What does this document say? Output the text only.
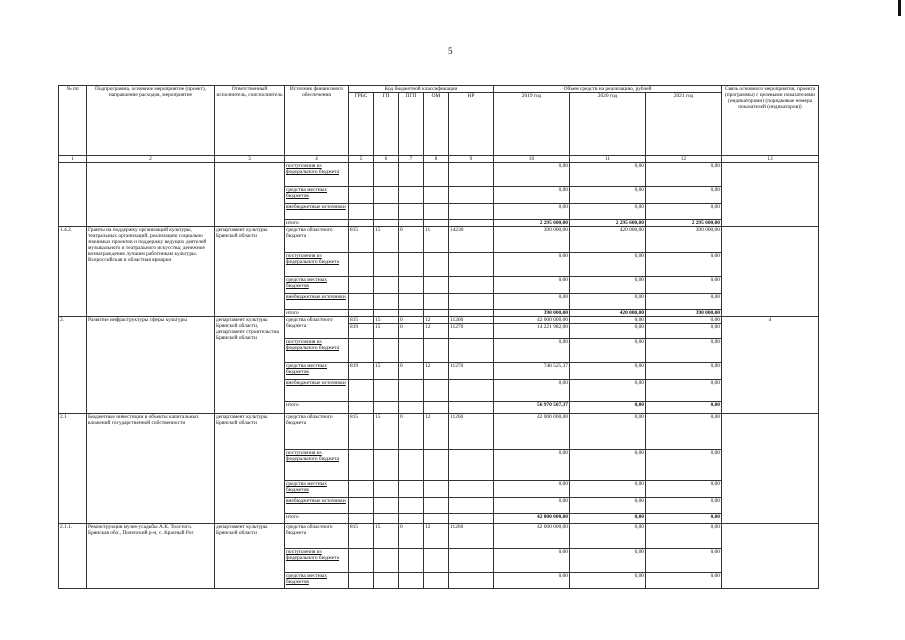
5
№ пп	Подпрограмма, основное мероприятие (проект), направление расходов, мероприятие	Ответственный исполнитель, соисполнитель	Источник финансового обеспечения	Код бюджетной классификации					Объем средств на реализацию, рублей			Связь основного мероприятия, проекта (программы) с целевыми показателями (индикаторами) (порядковые номера показателей (индикаторов))
				ГРБС	ГП	ПГП	ОМ	НР	2019 год	2020 год	2021 год	
1	2	3	4	5	6	7	8	9	10	11	12	13
			поступления из федерального бюджета						0,00	0,00	0,00	
			средства местных бюджетов						0,00	0,00	0,00	
			внебюджетные источники						0,00	0,00	0,00	
			итого						2 295 600,00	2 295 600,00	2 295 600,00	
1.4.2.	Гранты на поддержку организаций культуры, театральных организаций, реализацию социально значимых проектов и поддержку ведущих деятелей музыкального и театрального искусства; денежное вознаграждение лучшим работникам культуры. Всероссийская и областная ярмарки	департамент культуры Брянской области	средства областного бюджета	815	15	0	11	14230	390 000,00	420 000,00	390 000,00	
			поступления из федерального бюджета						0,00	0,00	0,00	
			средства местных бюджетов						0,00	0,00	0,00	
			внебюджетные источники						0,00	0,00	0,00	
			итого						390 000,00	420 000,00	390 000,00	
2.	Развитие инфраструктуры сферы культуры	департамент культуры Брянской области, департамент строительства Брянской области	средства областного бюджета	815	15	0	12	11260	42 000 000,00	0,00	0,00	4
				819	15	0	12	11270	14 221 982,00	0,00	0,00	
			поступления из федерального бюджета						0,00	0,00	0,00	
			средства местных бюджетов	819	15	0	12	11270	748 525,37	0,00	0,00	
			внебюджетные источники						0,00	0,00	0,00	
			итого						56 970 507,37	0,00	0,00	
2.1	Бюджетные инвестиции в объекты капитальных вложений государственной собственности	департамент культуры Брянской области	средства областного бюджета	815	15	0	12	11260	42 000 000,00	0,00	0,00	
			поступления из федерального бюджета						0,00	0,00	0,00	
			средства местных бюджетов						0,00	0,00	0,00	
			внебюджетные источники						0,00	0,00	0,00	
			итого						42 000 000,00	0,00	0,00	
2.1.1.	Реконструкция музея-усадьбы А.К. Толстого. Брянская обл., Почепский р-н, с. Красный Рог	департамент культуры Брянской области	средства областного бюджета	815	15	0	12	11260	42 000 000,00	0,00	0,00	
			поступления из федерального бюджета						0,00	0,00	0,00	
			средства местных бюджетов						0,00	0,00	0,00	
